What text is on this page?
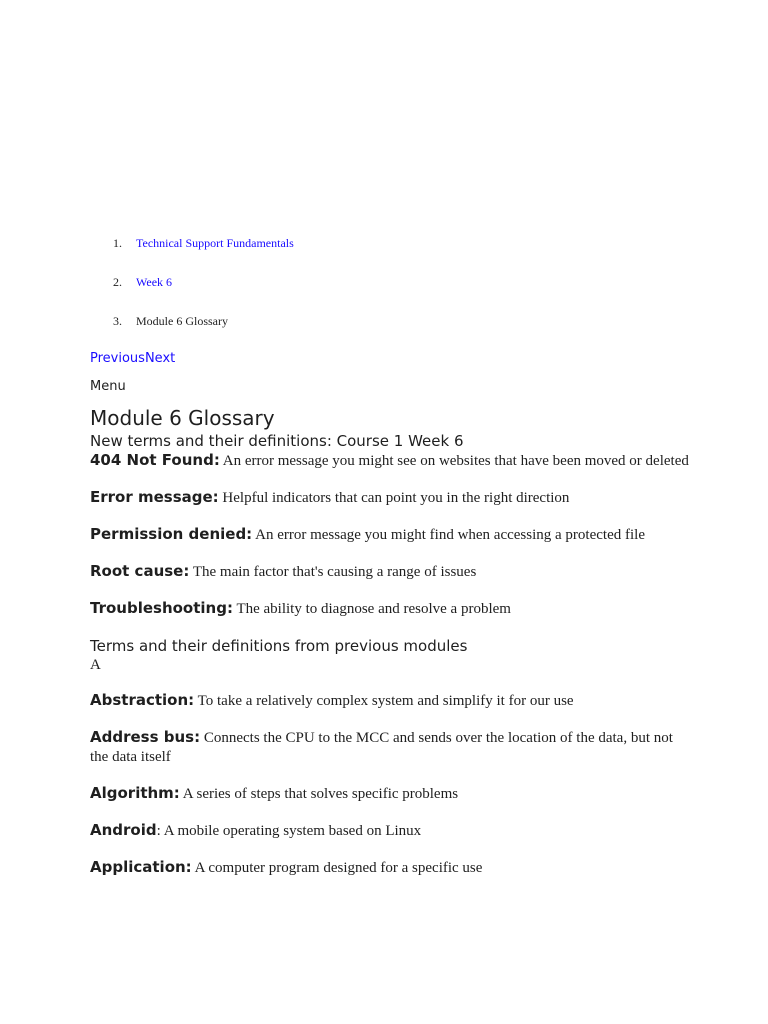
1.	Technical Support Fundamentals
2.	Week 6
3.	Module 6 Glossary
PreviousNext
Menu
Module 6 Glossary
New terms and their definitions: Course 1 Week 6

404 Not Found: An error message you might see on websites that have been moved or deleted

Error message: Helpful indicators that can point you in the right direction

Permission denied: An error message you might find when accessing a protected file

Root cause: The main factor that's causing a range of issues

Troubleshooting: The ability to diagnose and resolve a problem

Terms and their definitions from previous modules

A

Abstraction: To take a relatively complex system and simplify it for our use

Address bus: Connects the CPU to the MCC and sends over the location of the data, but not the data itself

Algorithm: A series of steps that solves specific problems

Android: A mobile operating system based on Linux

Application: A computer program designed for a specific use
